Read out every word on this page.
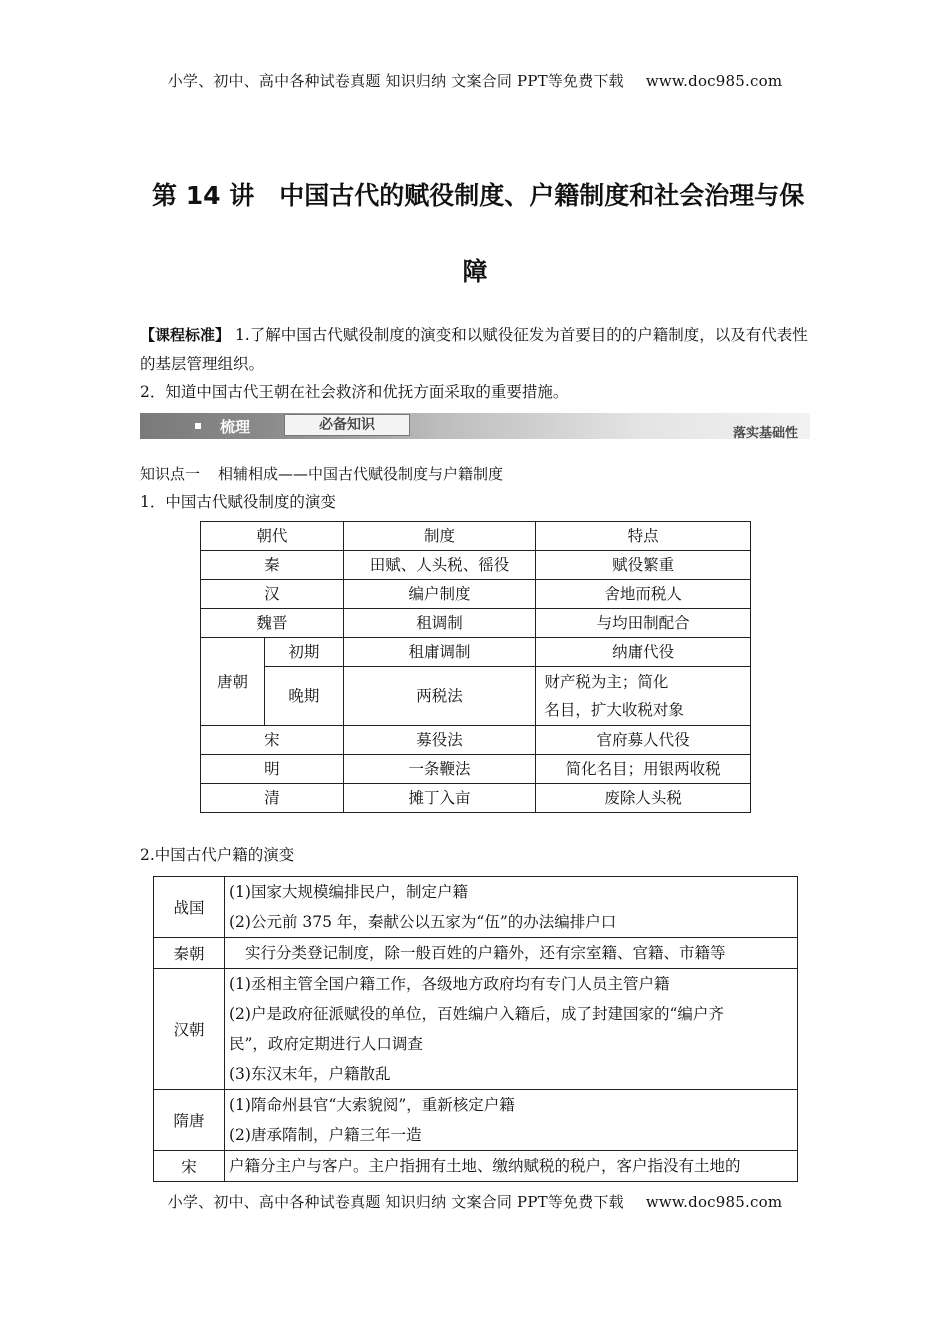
小学、初中、高中各种试卷真题 知识归纳 文案合同 PPT等免费下载 www.doc985.com
第 14 讲　中国古代的赋役制度、户籍制度和社会治理与保
障
【课程标准】 1.了解中国古代赋役制度的演变和以赋役征发为首要目的的户籍制度，以及有代表性的基层管理组织。
2．知道中国古代王朝在社会救济和优抚方面采取的重要措施。
梳理	必备知识
落实基础性
知识点一 相辅相成——中国古代赋役制度与户籍制度
1．中国古代赋役制度的演变
朝代		制度	特点
秦		田赋、人头税、徭役	赋役繁重
汉		编户制度	舍地而税人
魏晋		租调制	与均田制配合
唐朝	初期	租庸调制	纳庸代役
	晚期	两税法	财产税为主；简化
名目，扩大收税对象

宋		募役法	官府募人代役
明		一条鞭法	简化名目；用银两收税
清		摊丁入亩	废除人头税
2.中国古代户籍的演变
战国	(1)国家大规模编排民户，制定户籍
(2)公元前 375 年，秦献公以五家为“伍”的办法编排户口

秦朝	实行分类登记制度，除一般百姓的户籍外，还有宗室籍、官籍、市籍等

汉朝	(1)丞相主管全国户籍工作，各级地方政府均有专门人员主管户籍
(2)户是政府征派赋役的单位，百姓编户入籍后，成了封建国家的“编户齐
民”，政府定期进行人口调查
(3)东汉末年，户籍散乱

隋唐	(1)隋命州县官“大索貌阅”，重新核定户籍
(2)唐承隋制，户籍三年一造

宋	户籍分主户与客户。主户指拥有土地、缴纳赋税的税户，客户指没有土地的
小学、初中、高中各种试卷真题 知识归纳 文案合同 PPT等免费下载 www.doc985.com
